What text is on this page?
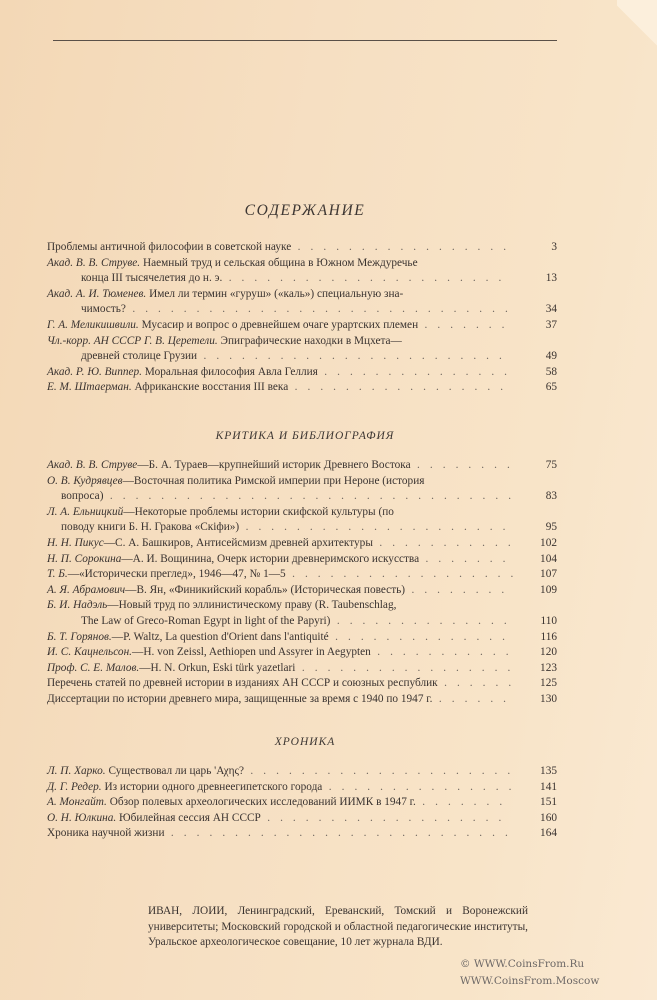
СОДЕРЖАНИЕ
Проблемы античной философии в советской науке . . . . . . . . . . . . . . . . .	3
Акад. В. В. Струве. Наемный труд и сельская община в Южном Междуречье
конца III тысячелетия до н. э. . . . . . . . . . . . . . . . . . . . . . .	13
Акад. А. И. Тюменев. Имел ли термин «гуруш» («каль») специальную зна-
чимость? . . . . . . . . . . . . . . . . . . . . . . . . . . . . . .	34
Г. А. Меликишвили. Мусасир и вопрос о древнейшем очаге урартских племен . . . . . . .	37
Чл.-корр. АН СССР Г. В. Церетели. Эпиграфические находки в Мцхета—
древней столице Грузии . . . . . . . . . . . . . . . . . . . . . . . .	49
Акад. Р. Ю. Виппер. Моральная философия Авла Геллия . . . . . . . . . . . . . . .	58
Е. М. Штаерман. Африканские восстания III века . . . . . . . . . . . . . . . . .	65
КРИТИКА И БИБЛИОГРАФИЯ
Акад. В. В. Струве—Б. А. Тураев—крупнейший историк Древнего Востока . . . . . . . .	75
О. В. Кудрявцев—Восточная политика Римской империи при Нероне (история
вопроса) . . . . . . . . . . . . . . . . . . . . . . . . . . . . . . . .	83
Л. А. Ельницкий—Некоторые проблемы истории скифской культуры (по
поводу книги Б. Н. Гракова «Скіфи») . . . . . . . . . . . . . . . . . . . . .	95
Н. Н. Пикус—С. А. Башкиров, Антисейсмизм древней архитектуры . . . . . . . . . . .	102
Н. П. Сорокина—А. И. Вощинина, Очерк истории древнеримского искусства . . . . . . .	104
Т. Б.—«Исторически преглед», 1946—47, № 1—5 . . . . . . . . . . . . . . . . . .	107
А. Я. Абрамович—В. Ян, «Финикийский корабль» (Историческая повесть) . . . . . . . .	109
Б. И. Надэль—Новый труд по эллинистическому праву (R. Taubenschlag,
The Law of Greco-Roman Egypt in light of the Papyri) . . . . . . . . . . . . . .	110
Б. Т. Горянов.—P. Waltz, La question d'Orient dans l'antiquité . . . . . . . . . . . . . .	116
И. С. Кацнельсон.—H. von Zeissl, Aethiopen und Assyrer in Aegypten . . . . . . . . . . .	120
Проф. С. Е. Малов.—H. N. Orkun, Eski türk yazetlari . . . . . . . . . . . . . . . . .	123
Перечень статей по древней истории в изданиях АН СССР и союзных республик . . . . . .	125
Диссертации по истории древнего мира, защищенные за время с 1940 по 1947 г. . . . . . .	130
ХРОНИКА
Л. П. Харко. Существовал ли царь 'Αχης? . . . . . . . . . . . . . . . . . . . . .	135
Д. Г. Редер. Из истории одного древнеегипетского города . . . . . . . . . . . . . . .	141
А. Монгайт. Обзор полевых археологических исследований ИИМК в 1947 г. . . . . . . .	151
О. Н. Юлкина. Юбилейная сессия АН СССР . . . . . . . . . . . . . . . . . . .	160
Хроника научной жизни . . . . . . . . . . . . . . . . . . . . . . . . . . .	164
ИВАН, ЛОИИ, Ленинградский, Ереванский, Томский и Воронежский университеты; Московский городской и областной педагогические институты, Уральское археологическое совещание, 10 лет журнала ВДИ.
© WWW.CoinsFrom.Ru
WWW.CoinsFrom.Moscow
